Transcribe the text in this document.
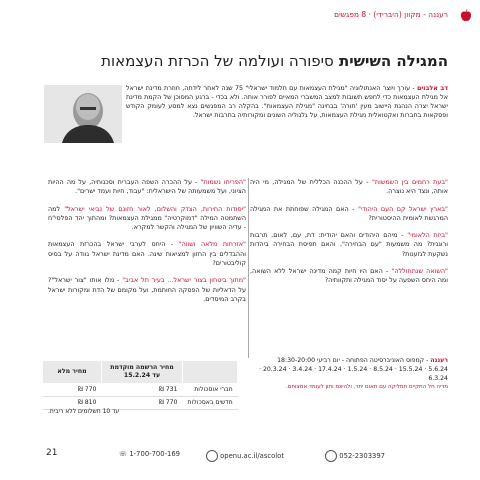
רעננה - מקוון (היברידי) · 8 מפגשים
המגילה השישית סיפורה ועולמה של הכרזת העצמאות
דב אלבוים - עורך ויוצר האנתולוגיה "מגילת העצמאות עם תלמוד ישראלי" 75 שנה לאחר לידתה, חוזרת מדינת ישראל אל מגילת העצמאות כדי לחפש תשובות למצב המשברי המאיים לפורר אותה. ולא בכדי - ברגע המסוכן של הקמת מדינת ישראל יצרה הנהגת היישוב מעין 'תורה' בבחינה "מגילת העצמאות". בהקלה רב המפגשים נצא למסע לעומק הקודש ופסקאות בחברות ואקטואלית מגילת העצמאות, על גלגוליה השונים ומקורותיה בתרבות ישראל.

"בעת רחמים בין השמשות" - על ההכנה הכללית של המגילה, מי היה אותה, ונצד היא נוצרה.

"בארץ ישראל קם העם היהודי" - האם המגילה שפוחתת את המגילה המרגשת לאומית ההיסטורית?

"ביזת הלאומי" - מיהם היהודים והאם יהודית: דת, עם, לאום, תרבות ורוגנית? מה משמעות "עם הבחירה", והאם תפיסת הבחירה ביהדות נשקעת לגזענות?

"השואה שנתחוללה" - האם היו חיות קמה מדינה ישראל ללא השואה, ומה היחס השפעה על יסוד המגילה ותקוותיה?

"הפריחו נשמות" - על ההכרה השפה העברית וסכנותיה, על מה ההיות הציוני, ועל משמעותה של הישראלית: "עבוד, חיות ועמד ישרים".

"יסודות החירות, הצדק והשלום, לאור חזונם של נביאי ישראל" למה השתמטה המילה "דמוקרטיה" ממגילת העצמאות? ומהתוך יהד הפלסי"ח - עדיה השוויון של המגילה והקשר למקרא.

"אזרחות מלאה ושווה" - היחס לערבי ישראל בהכרזת העצמאות וההבדלים בין החזון למציאות שינה. האם מדינת ישראל גוודה על בסיס קוליבטורים?

"מתוך ביטחון בצור ישראל... בעיר תל אביב" - מלו אותו "צור ישראל"? על הדאליות של הפסקה החותמת, ועל מקומם של הדת ומקורות ישראל בקרב המיסדים.

רעננה - קמפוס האוניברסיטה הפתוחה - יום רביעי 18:30-20:00
5.6.24 · 15.5.24 · 8.5.24 · 1.5.24 · 17.4.24 · 3.4.24 · 20.3.24 · 6.3.24
מדיה חל התקיים תמליקה עם תאום יתר, ולהיצמ ותון לעומד אמצוחם.
	מחיר הרשמה מוקדמת עד 15.2.24	מחיר מלא
חברי אוסכולות	731 ₪	770 ₪
חדשים באסכולות	770 ₪	810 ₪
עד 10 תשלומים ללא ריבית.
052-2303397
openu.ac.il/ascolot
1-700-700-169 ☏
21
